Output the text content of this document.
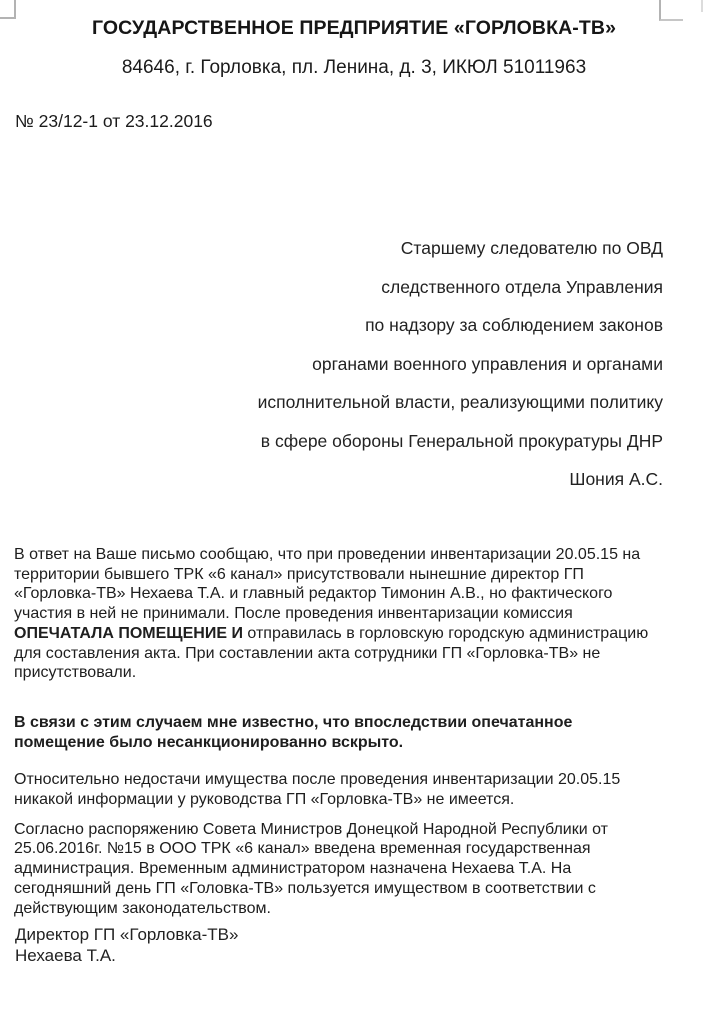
ГОСУДАРСТВЕННОЕ ПРЕДПРИЯТИЕ «ГОРЛОВКА-ТВ»
84646, г. Горловка, пл. Ленина, д. 3, ИКЮЛ 51011963
№ 23/12-1 от 23.12.2016
Старшему следователю по ОВД
следственного отдела Управления
по надзору за соблюдением законов
органами военного управления и органами
исполнительной власти, реализующими политику
в сфере обороны Генеральной прокуратуры ДНР
Шония А.С.

В ответ на Ваше письмо сообщаю, что при проведении инвентаризации 20.05.15 на территории бывшего ТРК «6 канал» присутствовали нынешние директор ГП «Горловка-ТВ» Нехаева Т.А. и главный редактор Тимонин А.В., но фактического участия в ней не принимали. После проведения инвентаризации комиссия ОПЕЧАТАЛА ПОМЕЩЕНИЕ И отправилась в горловскую городскую администрацию для составления акта. При составлении акта сотрудники ГП «Горловка-ТВ» не присутствовали.

В связи с этим случаем мне известно, что впоследствии опечатанное помещение было несанкционированно вскрыто.

Относительно недостачи имущества после проведения инвентаризации 20.05.15 никакой информации у руководства ГП «Горловка-ТВ» не имеется.

Согласно распоряжению Совета Министров Донецкой Народной Республики от 25.06.2016г. №15 в ООО ТРК «6 канал» введена временная государственная администрация. Временным администратором назначена Нехаева Т.А. На сегодняшний день ГП «Головка-ТВ» пользуется имуществом в соответствии с действующим законодательством.

Директор ГП «Горловка-ТВ»
Нехаева Т.А.
